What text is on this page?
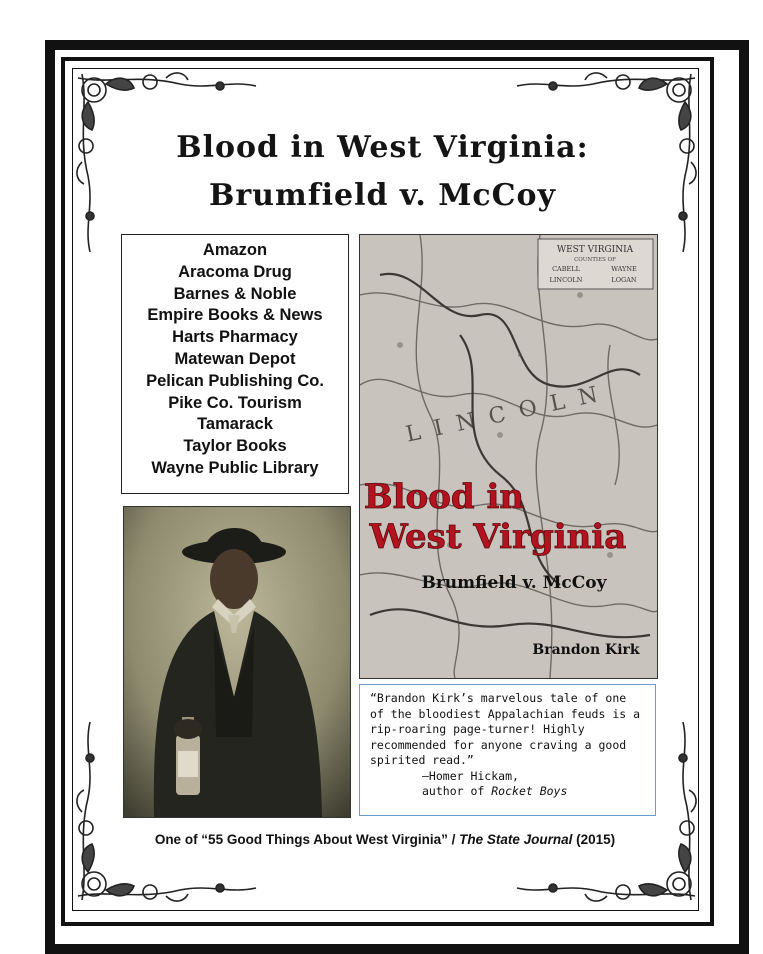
Blood in West Virginia:
Brumfield v. McCoy
Amazon
Aracoma Drug
Barnes & Noble
Empire Books & News
Harts Pharmacy
Matewan Depot
Pelican Publishing Co.
Pike Co. Tourism
Tamarack
Taylor Books
Wayne Public Library
WEST VIRGINIA
COUNTIES OF
CABELL	WAYNE
LINCOLN	LOGAN
LINCOLN
Blood in
West Virginia
Brumfield v. McCoy
Brandon Kirk
“Brandon Kirk’s marvelous tale of one of the bloodiest Appalachian feuds is a rip-roaring page-turner! Highly recommended for anyone craving a good spirited read.”
–Homer Hickam,
author of Rocket Boys
One of “55 Good Things About West Virginia” / The State Journal (2015)
